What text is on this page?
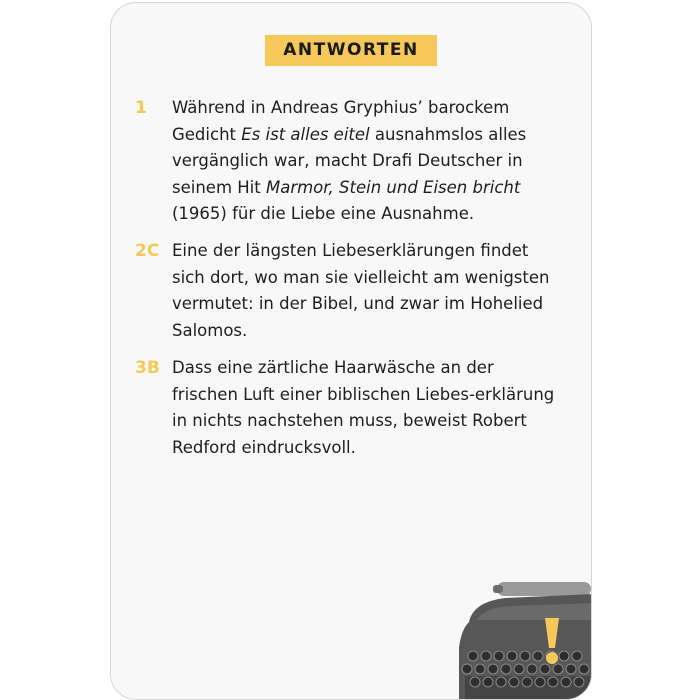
ANTWORTEN
1 Während in Andreas Gryphius’ barockem Gedicht Es ist alles eitel ausnahmslos alles vergänglich war, macht Drafi Deutscher in seinem Hit Marmor, Stein und Eisen bricht (1965) für die Liebe eine Ausnahme.

2C Eine der längsten Liebeserklärungen findet sich dort, wo man sie vielleicht am wenigsten vermutet: in der Bibel, und zwar im Hohelied Salomos.

3B Dass eine zärtliche Haarwäsche an der frischen Luft einer biblischen Liebes-erklärung in nichts nachstehen muss, beweist Robert Redford eindrucksvoll.
